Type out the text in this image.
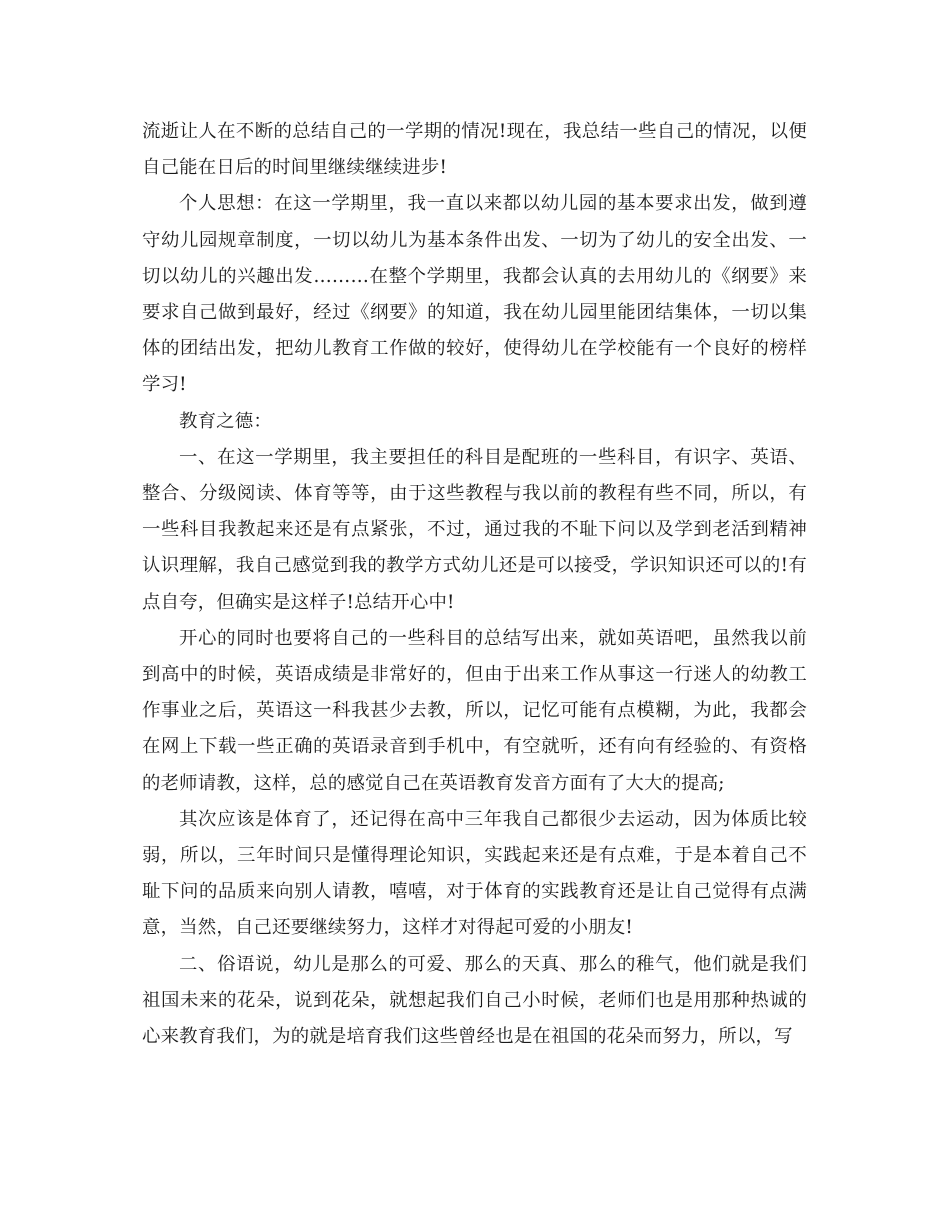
流逝让人在不断的总结自己的一学期的情况!现在，我总结一些自己的情况，以便自己能在日后的时间里继续继续进步!

个人思想：在这一学期里，我一直以来都以幼儿园的基本要求出发，做到遵守幼儿园规章制度，一切以幼儿为基本条件出发、一切为了幼儿的安全出发、一切以幼儿的兴趣出发………在整个学期里，我都会认真的去用幼儿的《纲要》来要求自己做到最好，经过《纲要》的知道，我在幼儿园里能团结集体，一切以集体的团结出发，把幼儿教育工作做的较好，使得幼儿在学校能有一个良好的榜样学习!

教育之德：

一、在这一学期里，我主要担任的科目是配班的一些科目，有识字、英语、整合、分级阅读、体育等等，由于这些教程与我以前的教程有些不同，所以，有一些科目我教起来还是有点紧张，不过，通过我的不耻下问以及学到老活到精神认识理解，我自己感觉到我的教学方式幼儿还是可以接受，学识知识还可以的!有点自夸，但确实是这样子!总结开心中!

开心的同时也要将自己的一些科目的总结写出来，就如英语吧，虽然我以前到高中的时候，英语成绩是非常好的，但由于出来工作从事这一行迷人的幼教工作事业之后，英语这一科我甚少去教，所以，记忆可能有点模糊，为此，我都会在网上下载一些正确的英语录音到手机中，有空就听，还有向有经验的、有资格的老师请教，这样，总的感觉自己在英语教育发音方面有了大大的提高;

其次应该是体育了，还记得在高中三年我自己都很少去运动，因为体质比较弱，所以，三年时间只是懂得理论知识，实践起来还是有点难，于是本着自己不耻下问的品质来向别人请教，嘻嘻，对于体育的实践教育还是让自己觉得有点满意，当然，自己还要继续努力，这样才对得起可爱的小朋友!

二、俗语说，幼儿是那么的可爱、那么的天真、那么的稚气，他们就是我们祖国未来的花朵，说到花朵，就想起我们自己小时候，老师们也是用那种热诚的心来教育我们，为的就是培育我们这些曾经也是在祖国的花朵而努力，所以，写
